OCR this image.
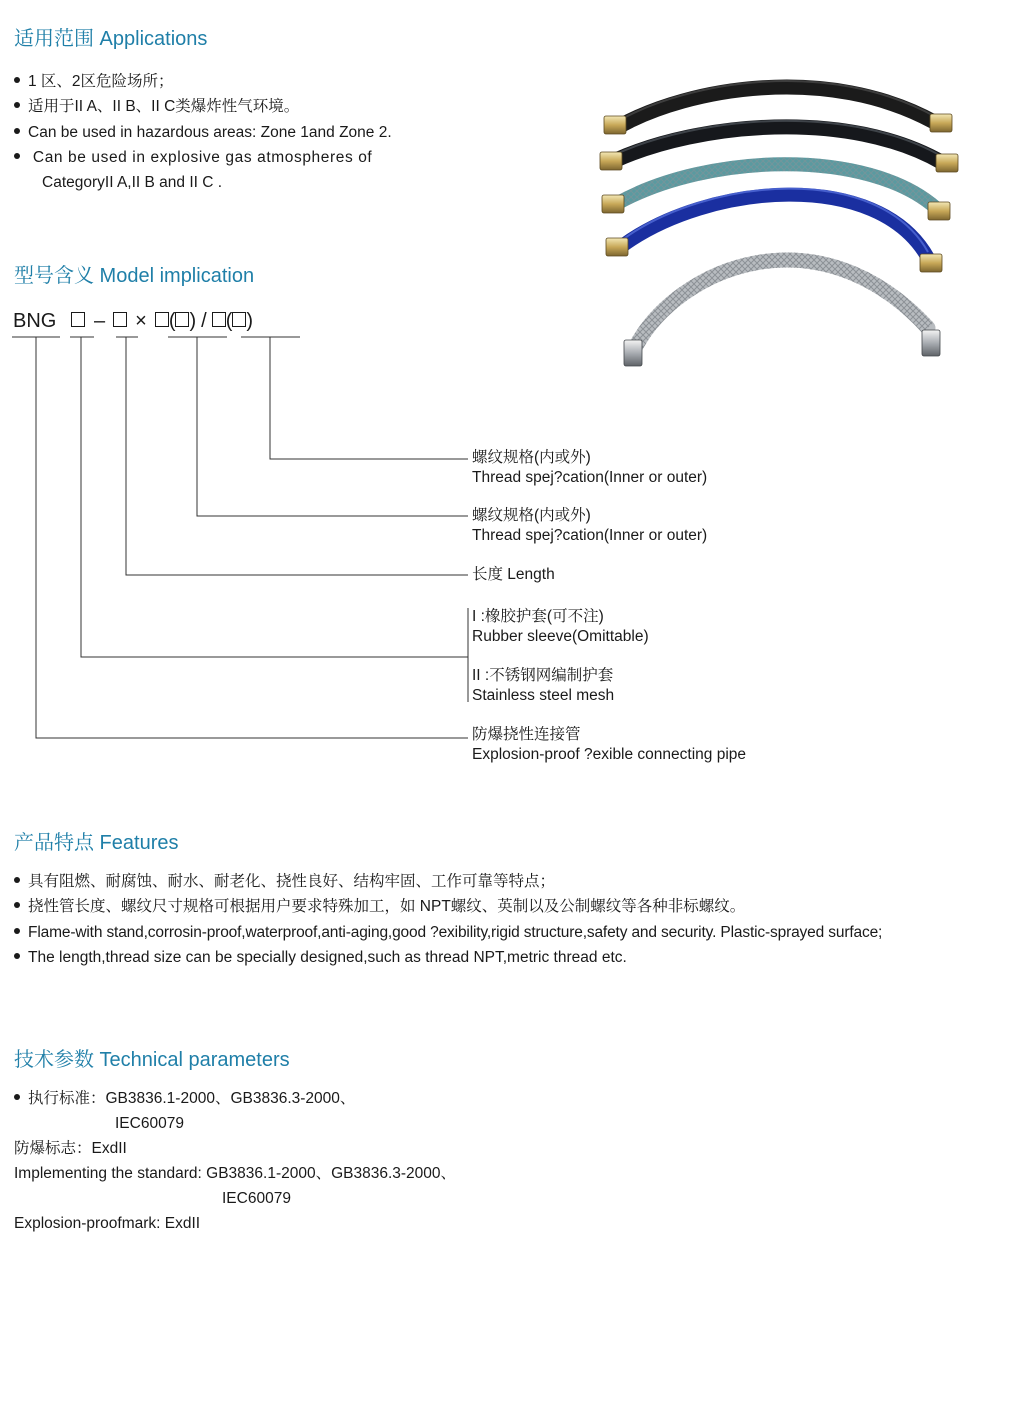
适用范围 Applications
1 区、2区危险场所；
适用于II A、II B、II C类爆炸性气环境。
Can be used in hazardous areas: Zone 1and Zone 2.
Can be used in explosive gas atmospheres of
CategoryII A,II B and II C .
型号含义 Model implication
BNG – × ( ) / ( )
螺纹规格(内或外)
Thread spej?cation(Inner or outer)
螺纹规格(内或外)
Thread spej?cation(Inner or outer)
长度 Length
I :橡胶护套(可不注)
Rubber sleeve(Omittable)
II :不锈钢网编制护套
Stainless steel mesh
防爆挠性连接管
Explosion-proof ?exible connecting pipe
产品特点 Features
具有阻燃、耐腐蚀、耐水、耐老化、挠性良好、结构牢固、工作可靠等特点；
挠性管长度、螺纹尺寸规格可根据用户要求特殊加工，如 NPT螺纹、英制以及公制螺纹等各种非标螺纹。
Flame-with stand,corrosin-proof,waterproof,anti-aging,good ?exibility,rigid structure,safety and security. Plastic-sprayed surface;
The length,thread size can be specially designed,such as thread NPT,metric thread etc.
技术参数 Technical parameters
执行标准：GB3836.1-2000、GB3836.3-2000、
IEC60079
防爆标志：ExdII
Implementing the standard: GB3836.1-2000、GB3836.3-2000、
IEC60079
Explosion-proofmark: ExdII
